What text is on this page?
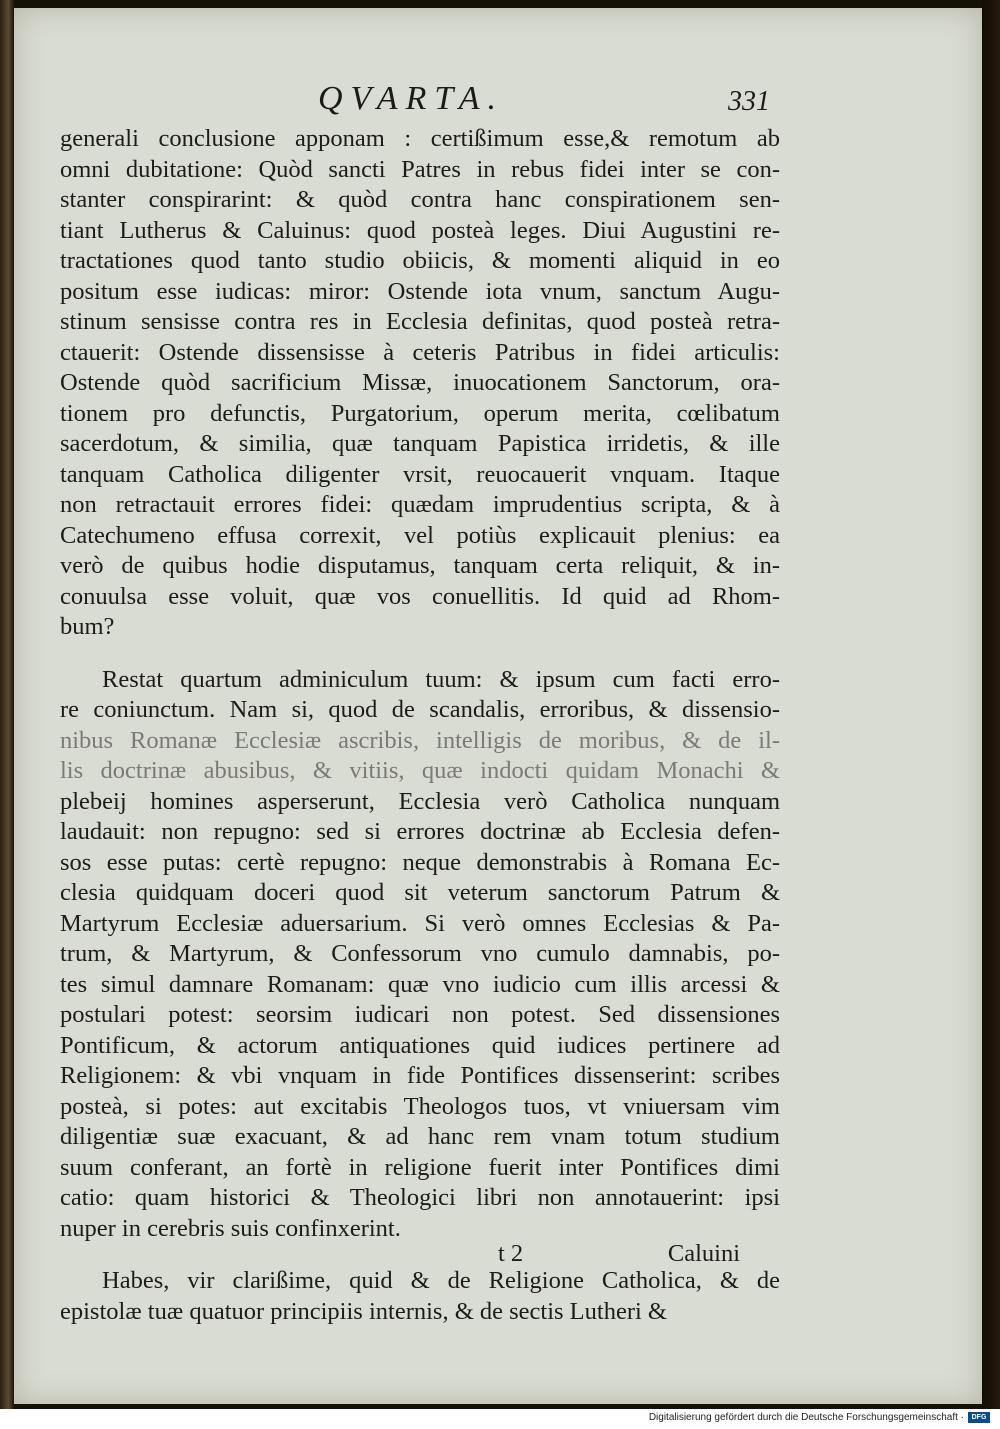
QVARTA.	331
generali conclusione apponam : certißimum esse,& remotum ab
omni dubitatione: Quòd sancti Patres in rebus fidei inter se con-
stanter conspirarint: & quòd contra hanc conspirationem sen-
tiant Lutherus & Caluinus: quod posteà leges. Diui Augustini re-
tractationes quod tanto studio obiicis, & momenti aliquid in eo
positum esse iudicas: miror: Ostende iota vnum, sanctum Augu-
stinum sensisse contra res in Ecclesia definitas, quod posteà retra-
ctauerit: Ostende dissensisse à ceteris Patribus in fidei articulis:
Ostende quòd sacrificium Missæ, inuocationem Sanctorum, ora-
tionem pro defunctis, Purgatorium, operum merita, cœlibatum
sacerdotum, & similia, quæ tanquam Papistica irridetis, & ille
tanquam Catholica diligenter vrsit, reuocauerit vnquam. Itaque
non retractauit errores fidei: quædam imprudentius scripta, & à
Catechumeno effusa correxit, vel potiùs explicauit plenius: ea
verò de quibus hodie disputamus, tanquam certa reliquit, & in-
conuulsa esse voluit, quæ vos conuellitis. Id quid ad Rhom-
bum?
Restat quartum adminiculum tuum: & ipsum cum facti erro-
re coniunctum. Nam si, quod de scandalis, erroribus, & dissensio-
nibus Romanæ Ecclesiæ ascribis, intelligis de moribus, & de il-
lis doctrinæ abusibus, & vitiis, quæ indocti quidam Monachi &
plebeij homines asperserunt, Ecclesia verò Catholica nunquam
laudauit: non repugno: sed si errores doctrinæ ab Ecclesia defen-
sos esse putas: certè repugno: neque demonstrabis à Romana Ec-
clesia quidquam doceri quod sit veterum sanctorum Patrum &
Martyrum Ecclesiæ aduersarium. Si verò omnes Ecclesias & Pa-
trum, & Martyrum, & Confessorum vno cumulo damnabis, po-
tes simul damnare Romanam: quæ vno iudicio cum illis arcessi &
postulari potest: seorsim iudicari non potest. Sed dissensiones
Pontificum, & actorum antiquationes quid iudices pertinere ad
Religionem: & vbi vnquam in fide Pontifices dissenserint: scribes
posteà, si potes: aut excitabis Theologos tuos, vt vniuersam vim
diligentiæ suæ exacuant, & ad hanc rem vnam totum studium
suum conferant, an fortè in religione fuerit inter Pontifices dimi
catio: quam historici & Theologici libri non annotauerint: ipsi
nuper in cerebris suis confinxerint.
Habes, vir clarißime, quid & de Religione Catholica, & de
epistolæ tuæ quatuor principiis internis, & de sectis Lutheri &
t 2	Caluini
Digitalisierung gefördert durch die Deutsche Forschungsgemeinschaft ·	DFG
